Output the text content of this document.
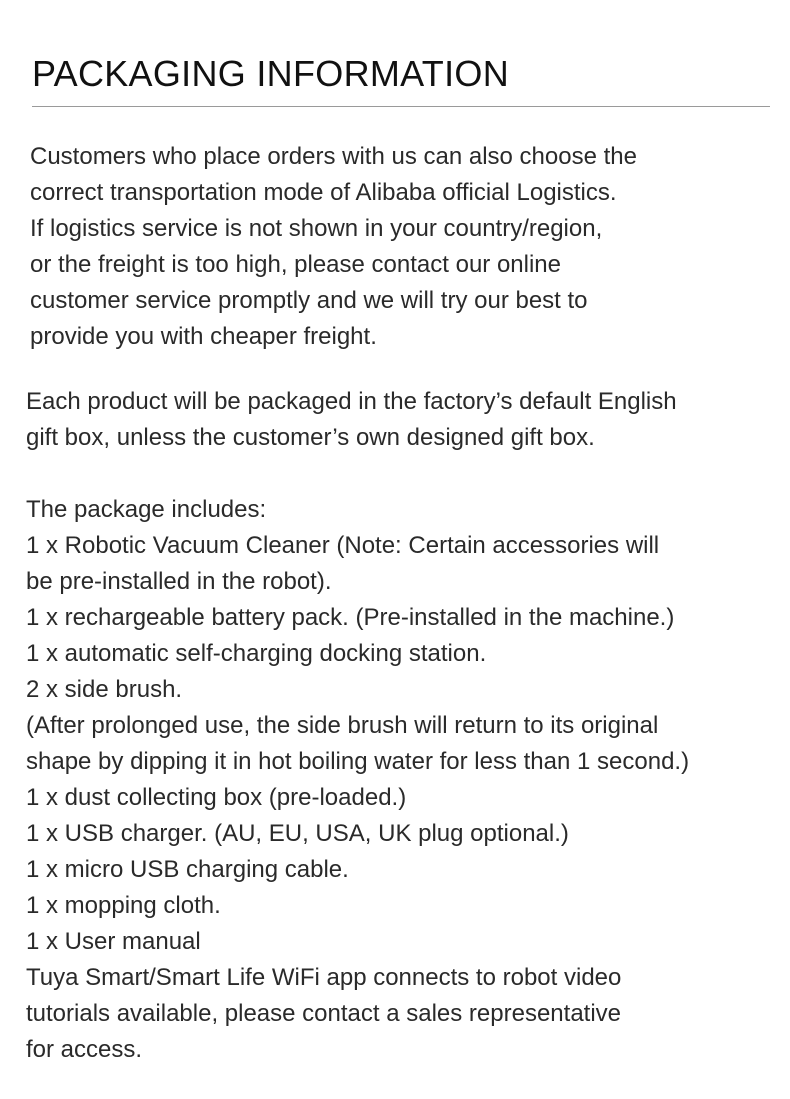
PACKAGING INFORMATION
Customers who place orders with us can also choose the
correct transportation mode of Alibaba official Logistics.
If logistics service is not shown in your country/region,
or the freight is too high, please contact our online
customer service promptly and we will try our best to
provide you with cheaper freight.
Each product will be packaged in the factory’s default English
gift box, unless the customer’s own designed gift box.
The package includes:
1 x Robotic Vacuum Cleaner (Note: Certain accessories will
be pre-installed in the robot).
1 x rechargeable battery pack. (Pre-installed in the machine.)
1 x automatic self-charging docking station.
2 x side brush.
(After prolonged use, the side brush will return to its original
shape by dipping it in hot boiling water for less than 1 second.)
1 x dust collecting box (pre-loaded.)
1 x USB charger. (AU, EU, USA, UK plug optional.)
1 x micro USB charging cable.
1 x mopping cloth.
1 x User manual
Tuya Smart/Smart Life WiFi app connects to robot video
tutorials available, please contact a sales representative
for access.
